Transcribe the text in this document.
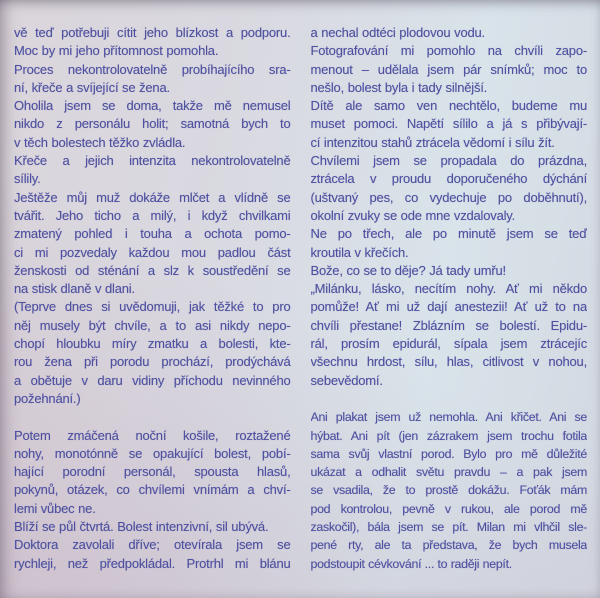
vě teď potřebuji cítit jeho blízkost a podporu.
Moc by mi jeho přítomnost pomohla.
Proces nekontrolovatelně probíhajícího sra-
ní, křeče a svíjející se žena.
Oholila jsem se doma, takže mě nemusel
nikdo z personálu holit; samotná bych to
v těch bolestech těžko zvládla.
Křeče a jejich intenzita nekontrolovatelně
sílily.
Ještěže můj muž dokáže mlčet a vlídně se
tvářit. Jeho ticho a milý, i když chvilkami
zmatený pohled i touha a ochota pomo-
ci mi pozvedaly každou mou padlou část
ženskosti od sténání a slz k soustředění se
na stisk dlaně v dlani.
(Teprve dnes si uvědomuji, jak těžké to pro
něj musely být chvíle, a to asi nikdy nepo-
chopí hloubku míry zmatku a bolesti, kte-
rou žena při porodu prochází, prodýchává
a obětuje v daru vidiny příchodu nevinného
požehnání.)
Potem zmáčená noční košile, roztažené
nohy, monotónně se opakující bolest, pobí-
hající porodní personál, spousta hlasů,
pokynů, otázek, co chvílemi vnímám a chví-
lemi vůbec ne.
Blíží se půl čtvrtá. Bolest intenzivní, sil ubývá.
Doktora zavolali dříve; otevírala jsem se
rychleji, než předpokládal. Protrhl mi blánu
a nechal odtéci plodovou vodu.
Fotografování mi pomohlo na chvíli zapo-
menout – udělala jsem pár snímků; moc to
nešlo, bolest byla i tady silnější.
Dítě ale samo ven nechtělo, budeme mu
muset pomoci. Napětí sílilo a já s přibývají-
cí intenzitou stahů ztrácela vědomí i sílu žít.
Chvílemi jsem se propadala do prázdna,
ztrácela v proudu doporučeného dýchání
(uštvaný pes, co vydechuje po doběhnutí),
okolní zvuky se ode mne vzdalovaly.
Ne po třech, ale po minutě jsem se teď
kroutila v křečích.
Bože, co se to děje? Já tady umřu!
„Milánku, lásko, necítím nohy. Ať mi někdo
pomůže! Ať mi už dají anestezii! Ať už to na
chvíli přestane! Zblázním se bolestí. Epidu-
rál, prosím epidurál, sípala jsem ztrácejíc
všechnu hrdost, sílu, hlas, citlivost v nohou,
sebevědomí.
Ani plakat jsem už nemohla. Ani křičet. Ani se
hýbat. Ani pít (jen zázrakem jsem trochu fotila
sama svůj vlastní porod. Bylo pro mě důležité
ukázat a odhalit světu pravdu – a pak jsem
se vsadila, že to prostě dokážu. Foťák mám
pod kontrolou, pevně v rukou, ale porod mě
zaskočil), bála jsem se pít. Milan mi vlhčil sle-
pené rty, ale ta představa, že bych musela
podstoupit cévkování ... to raději nepít.
